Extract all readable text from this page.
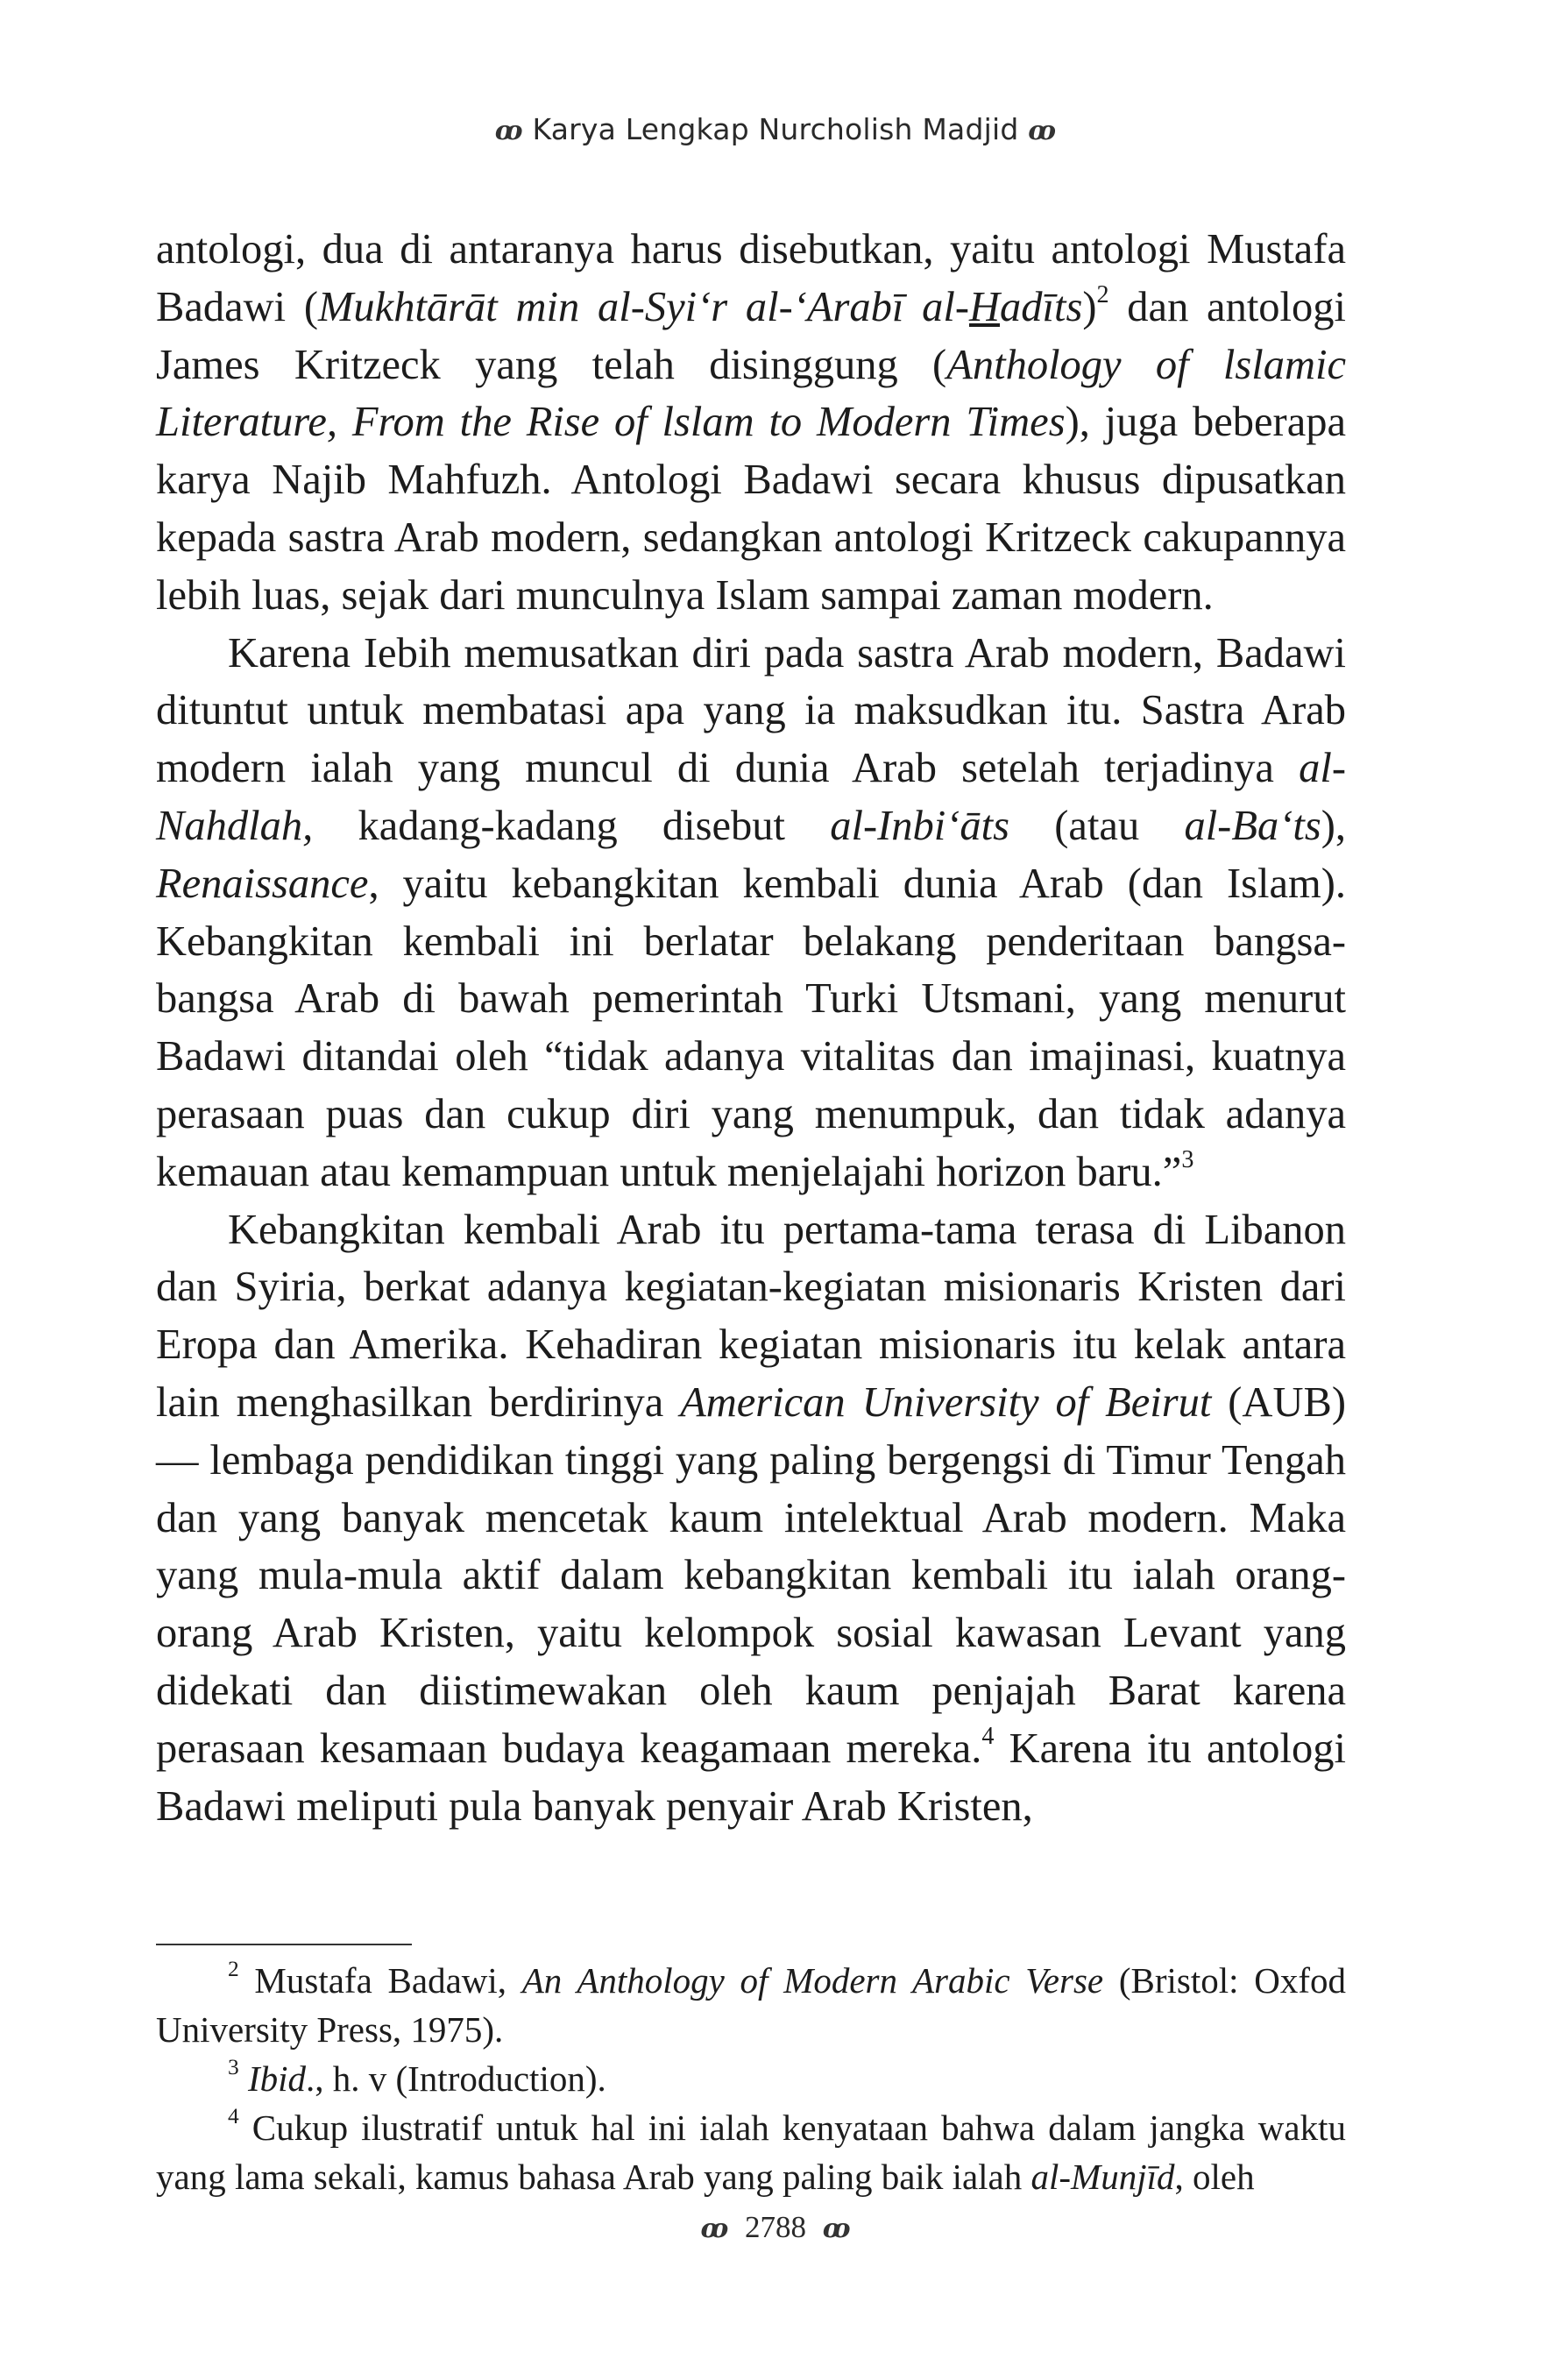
ꝏ Karya Lengkap Nurcholish Madjid ꝏ

antologi, dua di antaranya harus disebutkan, yaitu antologi Mustafa Badawi (Mukhtārāt min al-Syi‘r al-‘Arabī al-Hadīts)$^2$ dan antologi James Kritzeck yang telah disinggung (Anthology of lslamic Literature, From the Rise of lslam to Modern Times), juga beberapa karya Najib Mahfuzh. Antologi Badawi secara khusus dipusatkan kepada sastra Arab modern, sedangkan antologi Kritzeck cakupannya lebih luas, sejak dari munculnya Islam sampai zaman modern.

Karena Iebih memusatkan diri pada sastra Arab modern, Badawi dituntut untuk membatasi apa yang ia maksudkan itu. Sastra Arab modern ialah yang muncul di dunia Arab setelah terjadinya al-Nahdlah, kadang-kadang disebut al-Inbi‘āts (atau al-Ba‘ts), Renaissance, yaitu kebangkitan kembali dunia Arab (dan Islam). Kebangkitan kembali ini berlatar belakang penderitaan bangsa-bangsa Arab di bawah pemerintah Turki Utsmani, yang menurut Badawi ditandai oleh “tidak adanya vitalitas dan imajinasi, kuatnya perasaan puas dan cukup diri yang menumpuk, dan tidak adanya kemauan atau kemampuan untuk menjelajahi horizon baru.”$^3$

Kebangkitan kembali Arab itu pertama-tama terasa di Libanon dan Syiria, berkat adanya kegiatan-kegiatan misionaris Kristen dari Eropa dan Amerika. Kehadiran kegiatan misionaris itu kelak antara lain menghasilkan berdirinya American University of Beirut (AUB) — lembaga pendidikan tinggi yang paling bergengsi di Timur Tengah dan yang banyak mencetak kaum intelektual Arab modern. Maka yang mula-mula aktif dalam kebangkitan kembali itu ialah orang-orang Arab Kristen, yaitu kelompok sosial kawasan Levant yang didekati dan diistimewakan oleh kaum penjajah Barat karena perasaan kesamaan budaya keagamaan mereka.$^4$ Karena itu antologi Badawi meliputi pula banyak penyair Arab Kristen,

$^2$ Mustafa Badawi, An Anthology of Modern Arabic Verse (Bristol: Oxfod University Press, 1975).

$^3$ Ibid., h. v (Introduction).

$^4$ Cukup ilustratif untuk hal ini ialah kenyataan bahwa dalam jangka waktu yang lama sekali, kamus bahasa Arab yang paling baik ialah al-Munjīd, oleh

ꝏ 2788 ꝏ
